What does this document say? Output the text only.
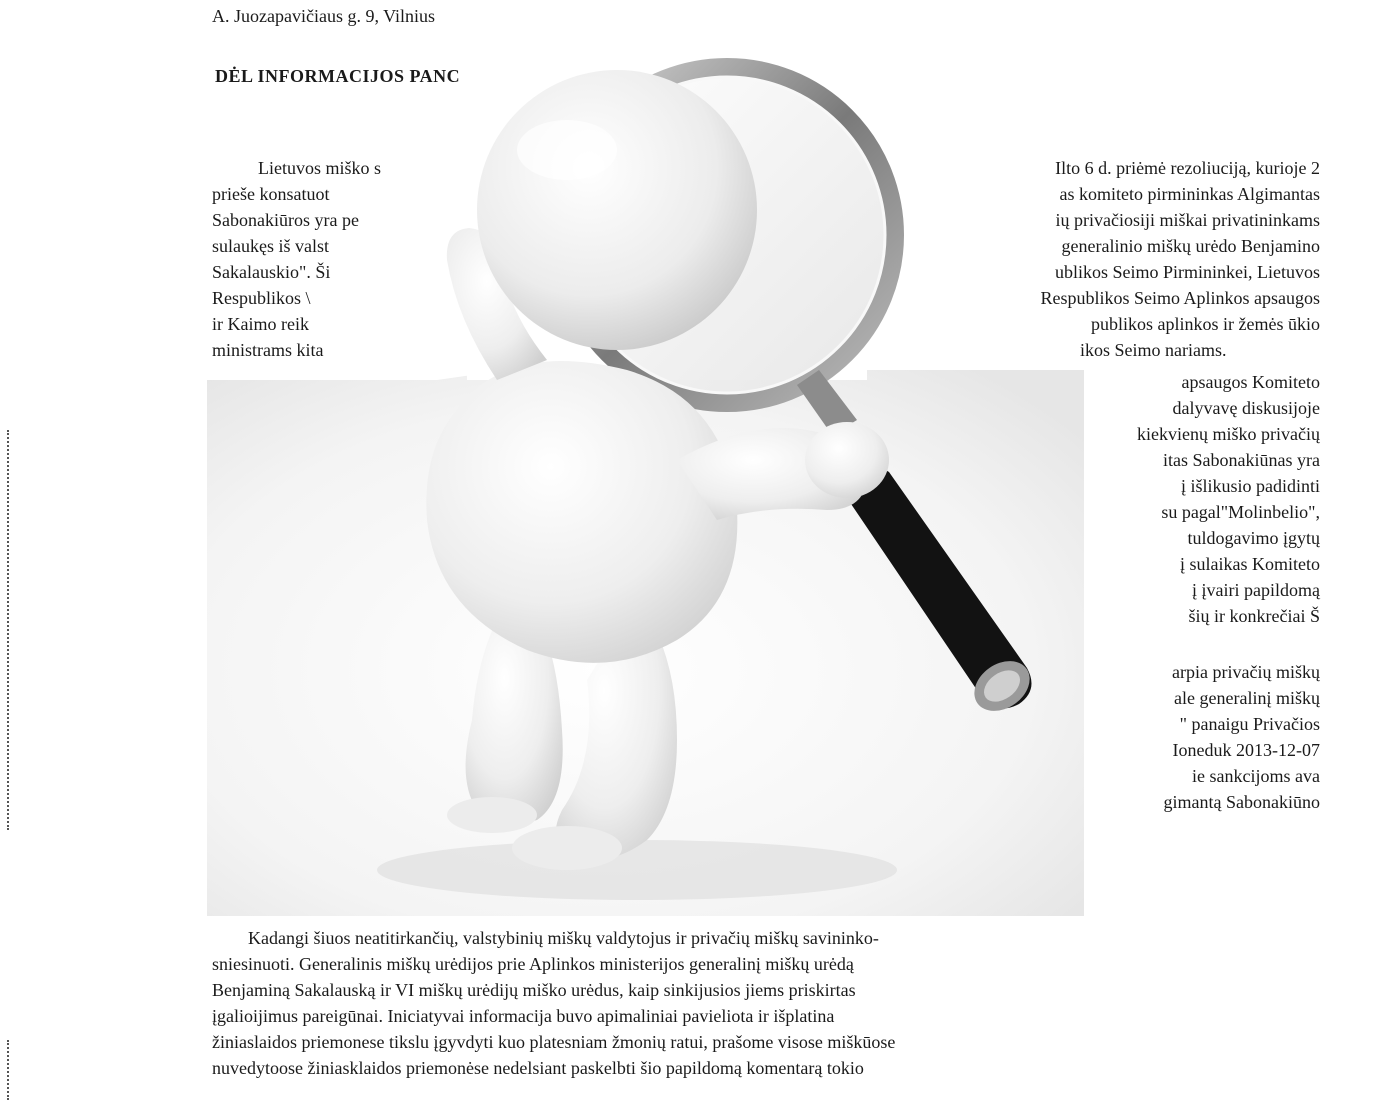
A. Juozapavičiaus g. 9, Vilnius
DĖL INFORMACIJOS PANC
Lietuvos miško s
prieše konsatuot
Sabonakiūros yra pe
sulaukęs iš valst
Sakalauskio". Ši
Respublikos \
ir Kaimo reik
ministrams kita
Ilto 6 d. priėmė rezoliuciją, kurioje 2
as komiteto pirmininkas Algimantas
ių privačiosiji miškai privatininkams
generalinio miškų urėdo Benjamino
ublikos Seimo Pirmininkei, Lietuvos
Respublikos Seimo Aplinkos apsaugos
publikos aplinkos ir žemės ūkio
ikos Seimo nariams.
apsaugos Komiteto
dalyvavę diskusijoje
kiekvienų miško privačių
itas Sabonakiūnas yra
į išlikusio padidinti
su pagal"Molinbelio",
tuldogavimo įgytų
į sulaikas Komiteto
į įvairi papildomą
šių ir konkrečiai Š
arpia privačių miškų
ale generalinį miškų
" panaigu Privačios
Ioneduk 2013-12-07
ie sankcijoms ava
gimantą Sabonakiūno
Kadangi šiuos neatitirkančių, valstybinių miškų valdytojus ir privačių miškų savininko-
sniesinuoti. Generalinis miškų urėdijos prie Aplinkos ministerijos generalinį miškų urėdą
Benjaminą Sakalauską ir VI miškų urėdijų miško urėdus, kaip sinkijusios jiems priskirtas
įgalioijimus pareigūnai. Iniciatyvai informacija buvo apimaliniai pavieliota ir išplatina
žiniaslaidos priemonese tikslu įgyvdyti kuo platesniam žmonių ratui, prašome visose miškūose
nuvedytoose žiniasklaidos priemonėse nedelsiant paskelbti šio papildomą komentarą tokio
